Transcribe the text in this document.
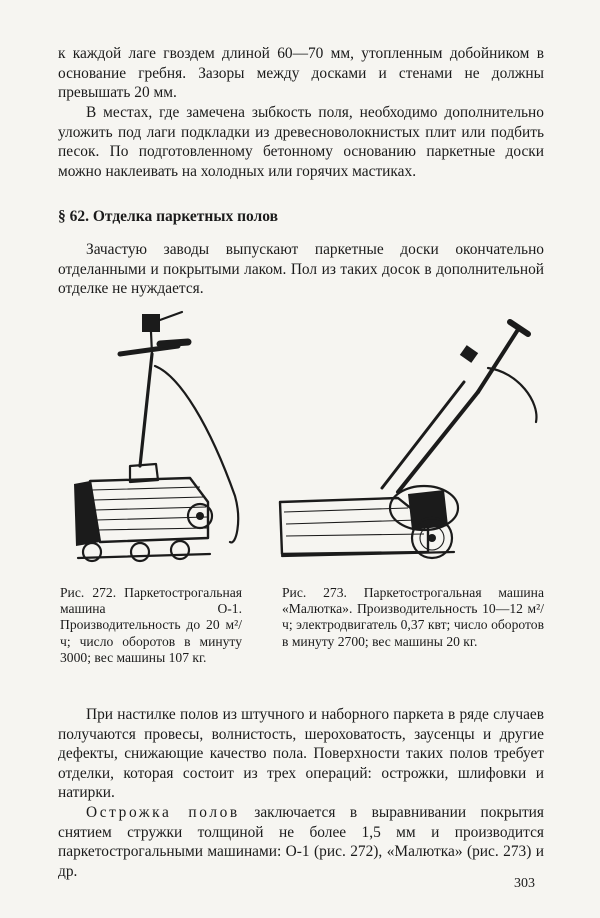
к каждой лаге гвоздем длиной 60—70 мм, утопленным добойником в основание гребня. Зазоры между досками и стенами не должны превышать 20 мм.

В местах, где замечена зыбкость поля, необходимо дополнительно уложить под лаги подкладки из древесноволокнистых плит или подбить песок. По подготовленному бетонному основанию паркетные доски можно наклеивать на холодных или горячих мастиках.

§ 62. Отделка паркетных полов

Зачастую заводы выпускают паркетные доски окончательно отделанными и покрытыми лаком. Пол из таких досок в дополнительной отделке не нуждается.

Рис. 272. Паркетострогальная машина О-1. Производительность до 20 м²/ч; число оборотов в минуту 3000; вес машины 107 кг.

Рис. 273. Паркетострогальная машина «Малютка». Производительность 10—12 м²/ч; электродвигатель 0,37 квт; число оборотов в минуту 2700; вес машины 20 кг.

При настилке полов из штучного и наборного паркета в ряде случаев получаются провесы, волнистость, шероховатость, заусенцы и другие дефекты, снижающие качество пола. Поверхности таких полов требует отделки, которая состоит из трех операций: острожки, шлифовки и натирки.

Острожка полов заключается в выравнивании покрытия снятием стружки толщиной не более 1,5 мм и производится паркетострогальными машинами: О-1 (рис. 272), «Малютка» (рис. 273) и др.

303
